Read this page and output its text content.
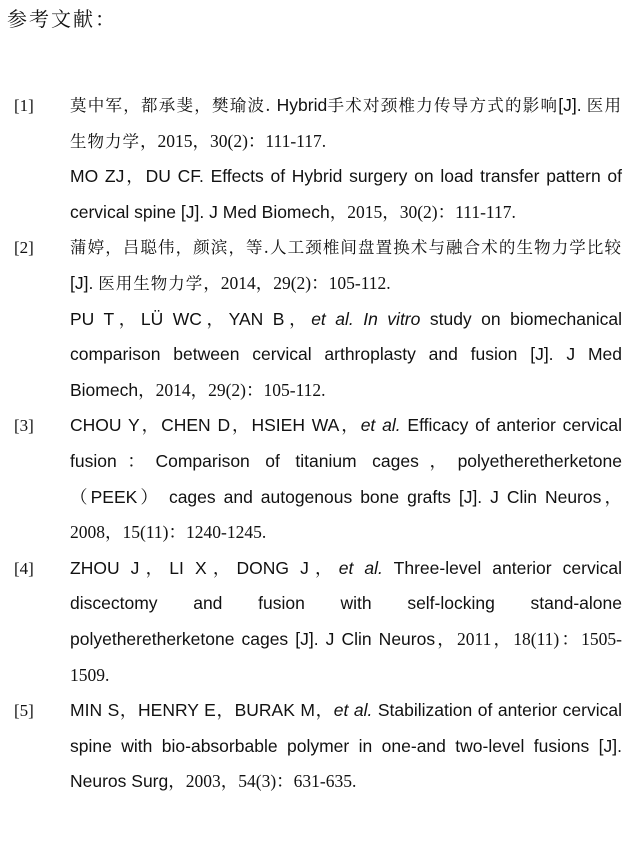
参考文献：
[1] 莫中军，都承斐，樊瑜波. Hybrid手术对颈椎力传导方式的影响[J]. 医用生物力学，2015，30(2)：111-117.

MO ZJ，DU CF. Effects of Hybrid surgery on load transfer pattern of cervical spine [J]. J Med Biomech，2015，30(2)：111-117.

[2] 蒲婷，吕聪伟，颜滨，等.人工颈椎间盘置换术与融合术的生物力学比较[J]. 医用生物力学，2014，29(2)：105-112.

PU T，LÜ WC，YAN B，et al. In vitro study on biomechanical comparison between cervical arthroplasty and fusion [J]. J Med Biomech，2014，29(2)：105-112.

[3] CHOU Y，CHEN D，HSIEH WA，et al. Efficacy of anterior cervical fusion：Comparison of titanium cages，polyetheretherketone（PEEK） cages and autogenous bone grafts [J]. J Clin Neuros，2008，15(11)：1240-1245.

[4] ZHOU J，LI X，DONG J，et al. Three-level anterior cervical discectomy and fusion with self-locking stand-alone polyetheretherketone cages [J]. J Clin Neuros，2011，18(11)：1505-1509.

[5] MIN S，HENRY E，BURAK M，et al. Stabilization of anterior cervical spine with bio-absorbable polymer in one-and two-level fusions [J]. Neuros Surg，2003，54(3)：631-635.
